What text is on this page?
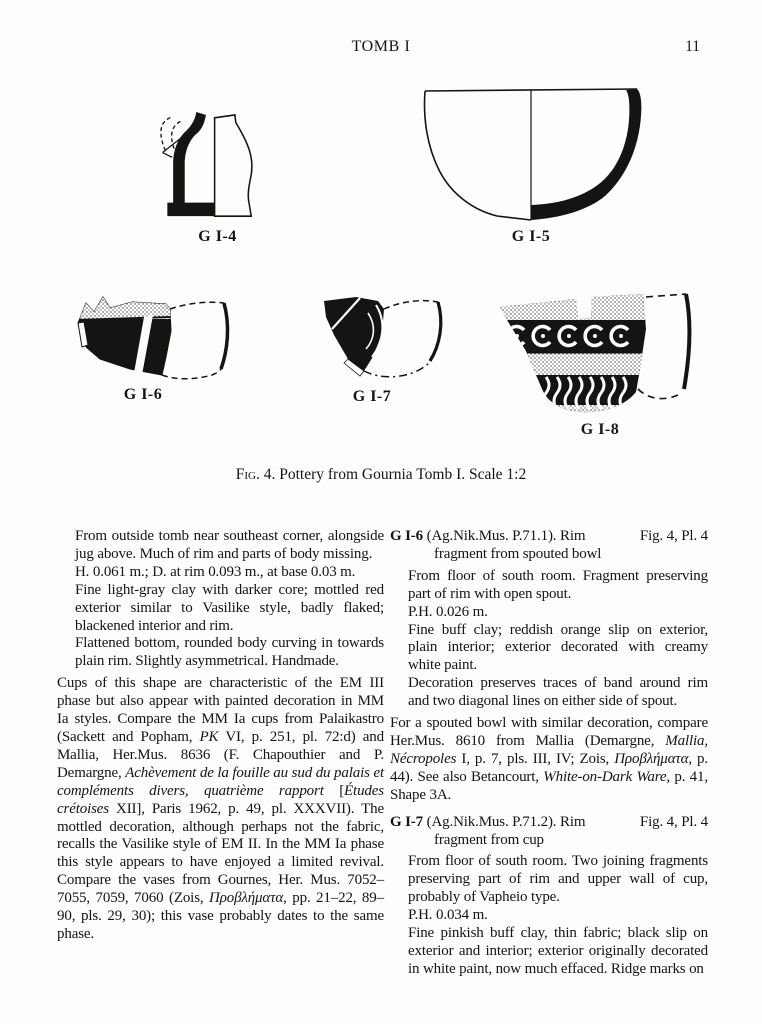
TOMB I	11
G I-4	G I-5
G I-6	G I-7
G I-8
Fig. 4. Pottery from Gournia Tomb I. Scale 1:2

From outside tomb near southeast corner, alongside jug above. Much of rim and parts of body missing.

H. 0.061 m.; D. at rim 0.093 m., at base 0.03 m.

Fine light-gray clay with darker core; mottled red exterior similar to Vasilike style, badly flaked; blackened interior and rim.

Flattened bottom, rounded body curving in towards plain rim. Slightly asymmetrical. Handmade.

Cups of this shape are characteristic of the EM III phase but also appear with painted decoration in MM Ia styles. Compare the MM Ia cups from Palaikastro (Sackett and Popham, PK VI, p. 251, pl. 72:d) and Mallia, Her.Mus. 8636 (F. Chapouthier and P. Demargne, Achèvement de la fouille au sud du palais et compléments divers, quatrième rapport [Études crétoises XII], Paris 1962, p. 49, pl. XXXVII). The mottled decoration, although perhaps not the fabric, recalls the Vasilike style of EM II. In the MM Ia phase this style appears to have enjoyed a limited revival. Compare the vases from Gournes, Her. Mus. 7052–7055, 7059, 7060 (Zois, Προβλήματα, pp. 21–22, 89–90, pls. 29, 30); this vase probably dates to the same phase.

G I-6 (Ag.Nik.Mus. P.71.1). Rim	Fig. 4, Pl. 4
fragment from spouted bowl

From floor of south room. Fragment preserving part of rim with open spout.

P.H. 0.026 m.

Fine buff clay; reddish orange slip on exterior, plain interior; exterior decorated with creamy white paint.

Decoration preserves traces of band around rim and two diagonal lines on either side of spout.

For a spouted bowl with similar decoration, compare Her.Mus. 8610 from Mallia (Demargne, Mallia, Nécropoles I, p. 7, pls. III, IV; Zois, Προβλήματα, p. 44). See also Betancourt, White-on-Dark Ware, p. 41, Shape 3A.

G I-7 (Ag.Nik.Mus. P.71.2). Rim	Fig. 4, Pl. 4
fragment from cup

From floor of south room. Two joining fragments preserving part of rim and upper wall of cup, probably of Vapheio type.

P.H. 0.034 m.

Fine pinkish buff clay, thin fabric; black slip on exterior and interior; exterior originally decorated in white paint, now much effaced. Ridge marks on
